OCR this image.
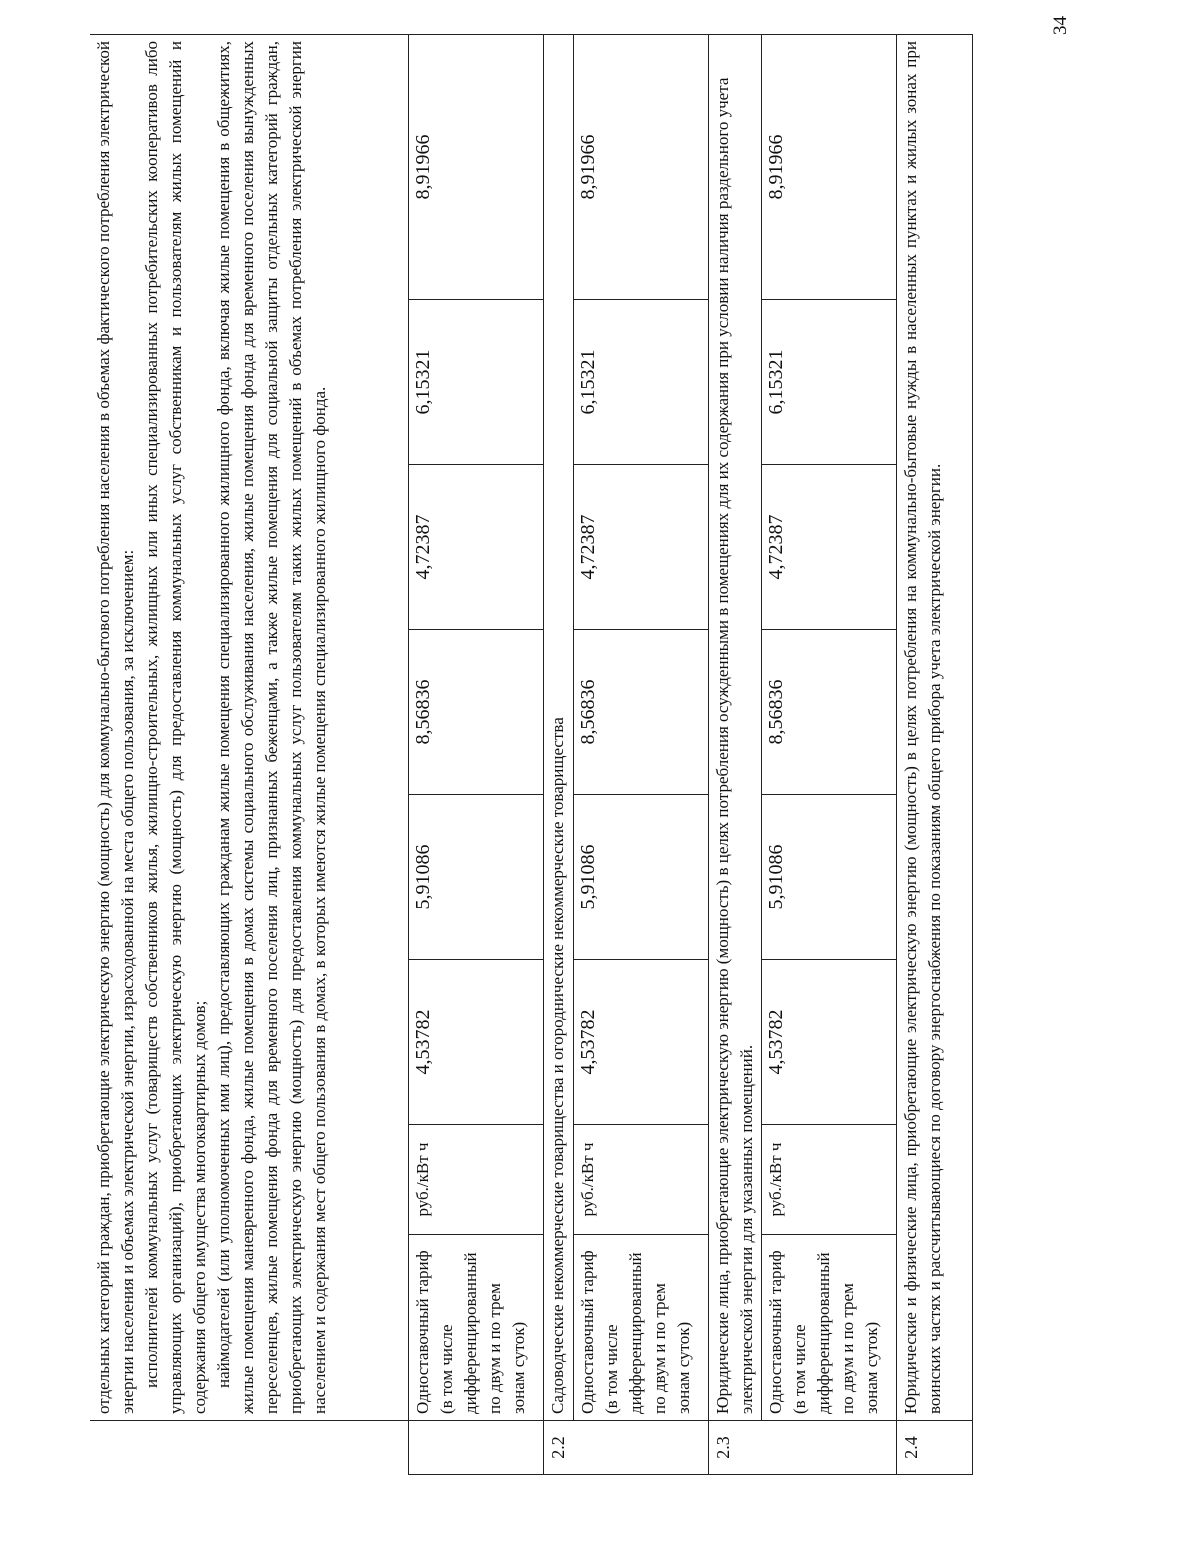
	отдельных категорий граждан, приобретающие электрическую энергию (мощность) для коммунально-бытового потребления населения в объемах фактического потребления электрической энергии населения и объемах электрической энергии, израсходованной на места общего пользования, за исключением: исполнителей коммунальных услуг (товариществ собственников жилья, жилищно-строительных, жилищных или иных специализированных потребительских кооперативов либо управляющих организаций), приобретающих электрическую энергию (мощность) для предоставления коммунальных услуг собственникам и пользователям жилых помещений и содержания общего имущества многоквартирных домов; наймодателей (или уполномоченных ими лиц), предоставляющих гражданам жилые помещения специализированного жилищного фонда, включая жилые помещения в общежитиях, жилые помещения маневренного фонда, жилые помещения в домах системы социального обслуживания населения, жилые помещения фонда для временного поселения вынужденных переселенцев, жилые помещения фонда для временного поселения лиц, признанных беженцами, а также жилые помещения для социальной защиты отдельных категорий граждан, приобретающих электрическую энергию (мощность) для предоставления коммунальных услуг пользователям таких жилых помещений в объемах потребления электрической энергии населением и содержания мест общего пользования в домах, в которых имеются жилые помещения специализированного жилищного фонда.							

	Одноставочный тариф (в том числе дифференцированный по двум и по трем зонам суток)	руб./кВт ч	4,53782	5,91086	8,56836	4,72387	6,15321	8,91966
2.2	Садоводческие некоммерческие товарищества и огороднические некоммерческие товарищества							
	Одноставочный тариф (в том числе дифференцированный по двум и по трем зонам суток)	руб./кВт ч	4,53782	5,91086	8,56836	4,72387	6,15321	8,91966
2.3	Юридические лица, приобретающие электрическую энергию (мощность) в целях потребления осужденными в помещениях для их содержания при условии наличия раздельного учета электрической энергии для указанных помещений.							
	Одноставочный тариф (в том числе дифференцированный по двум и по трем зонам суток)	руб./кВт ч	4,53782	5,91086	8,56836	4,72387	6,15321	8,91966
2.4	Юридические и физические лица, приобретающие электрическую энергию (мощность) в целях потребления на коммунально-бытовые нужды в населенных пунктах и жилых зонах при воинских частях и рассчитывающиеся по договору энергоснабжения по показаниям общего прибора учета электрической энергии.							
34
